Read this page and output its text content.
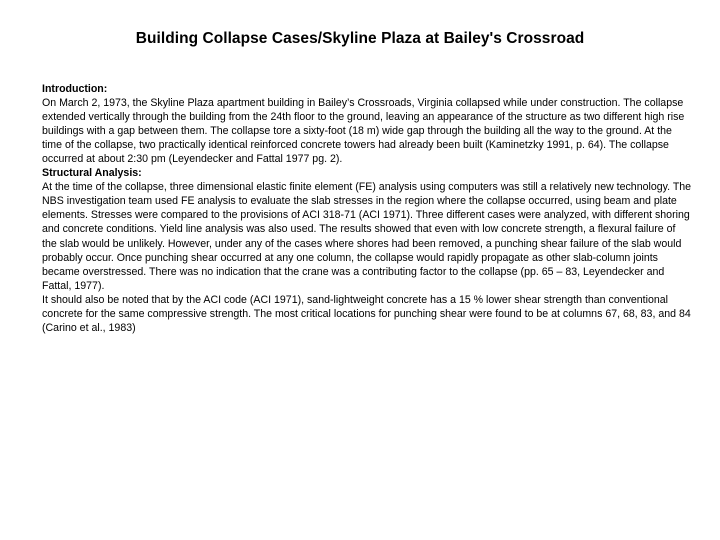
Building Collapse Cases/Skyline Plaza at Bailey's Crossroad

Introduction:

On March 2, 1973, the Skyline Plaza apartment building in Bailey’s Crossroads, Virginia collapsed while under construction. The collapse extended vertically through the building from the 24th floor to the ground, leaving an appearance of the structure as two different high rise buildings with a gap between them. The collapse tore a sixty-foot (18 m) wide gap through the building all the way to the ground. At the time of the collapse, two practically identical reinforced concrete towers had already been built (Kaminetzky 1991, p. 64). The collapse occurred at about 2:30 pm (Leyendecker and Fattal 1977 pg. 2).

Structural Analysis:

At the time of the collapse, three dimensional elastic finite element (FE) analysis using computers was still a relatively new technology. The NBS investigation team used FE analysis to evaluate the slab stresses in the region where the collapse occurred, using beam and plate elements. Stresses were compared to the provisions of ACI 318-71 (ACI 1971). Three different cases were analyzed, with different shoring and concrete conditions. Yield line analysis was also used. The results showed that even with low concrete strength, a flexural failure of the slab would be unlikely. However, under any of the cases where shores had been removed, a punching shear failure of the slab would probably occur. Once punching shear occurred at any one column, the collapse would rapidly propagate as other slab-column joints became overstressed. There was no indication that the crane was a contributing factor to the collapse (pp. 65 – 83, Leyendecker and Fattal, 1977).

It should also be noted that by the ACI code (ACI 1971), sand-lightweight concrete has a 15 % lower shear strength than conventional concrete for the same compressive strength. The most critical locations for punching shear were found to be at columns 67, 68, 83, and 84 (Carino et al., 1983)
